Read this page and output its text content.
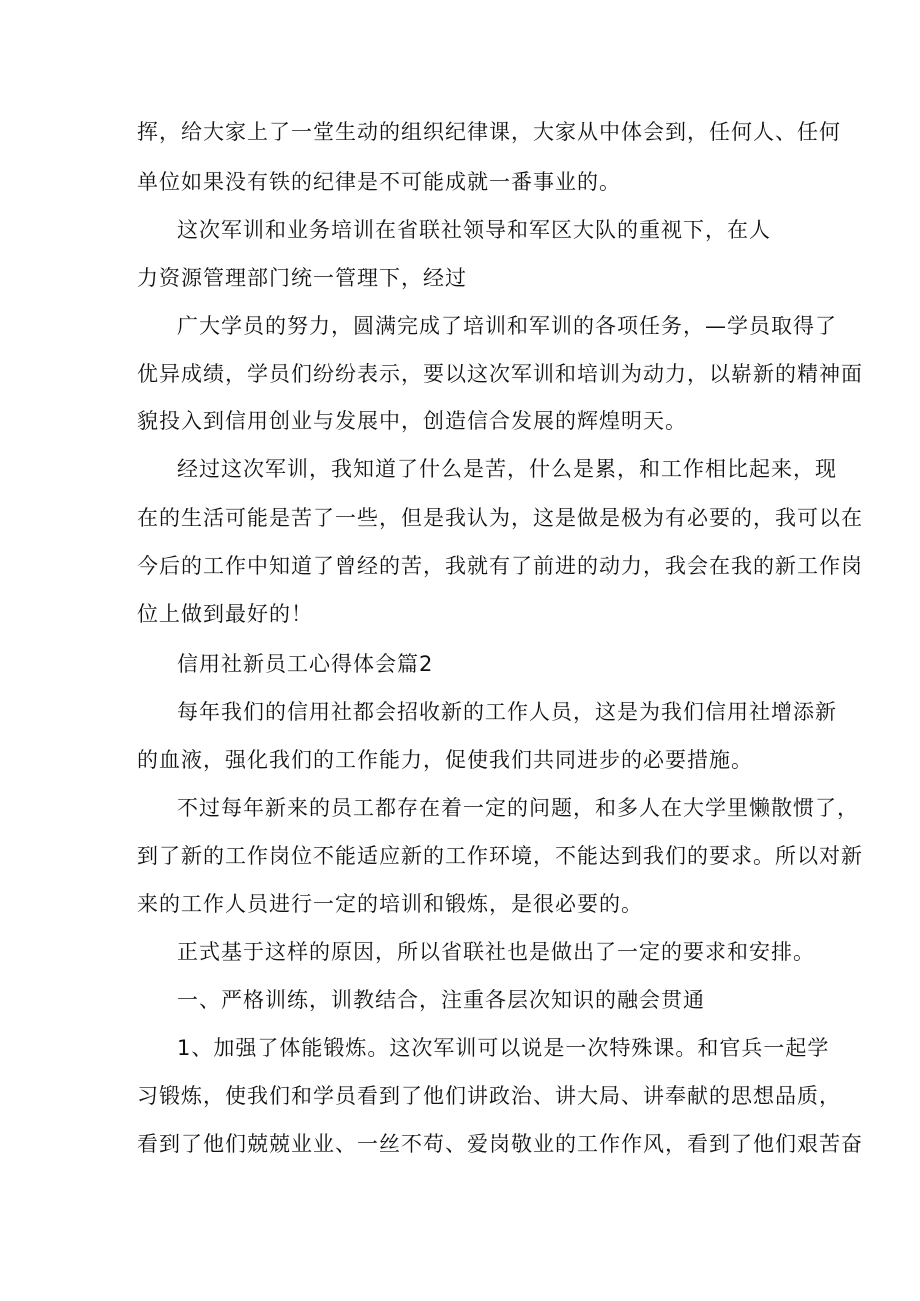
挥，给大家上了一堂生动的组织纪律课，大家从中体会到，任何人、任何
单位如果没有铁的纪律是不可能成就一番事业的。
这次军训和业务培训在省联社领导和军区大队的重视下，在人
力资源管理部门统一管理下，经过
广大学员的努力，圆满完成了培训和军训的各项任务，—学员取得了
优异成绩，学员们纷纷表示，要以这次军训和培训为动力，以崭新的精神面
貌投入到信用创业与发展中，创造信合发展的辉煌明天。
经过这次军训，我知道了什么是苦，什么是累，和工作相比起来，现
在的生活可能是苦了一些，但是我认为，这是做是极为有必要的，我可以在
今后的工作中知道了曾经的苦，我就有了前进的动力，我会在我的新工作岗
位上做到最好的！
信用社新员工心得体会篇2
每年我们的信用社都会招收新的工作人员，这是为我们信用社增添新
的血液，强化我们的工作能力，促使我们共同进步的必要措施。
不过每年新来的员工都存在着一定的问题，和多人在大学里懒散惯了，
到了新的工作岗位不能适应新的工作环境，不能达到我们的要求。所以对新
来的工作人员进行一定的培训和锻炼，是很必要的。
正式基于这样的原因，所以省联社也是做出了一定的要求和安排。
一、严格训练，训教结合，注重各层次知识的融会贯通
1、加强了体能锻炼。这次军训可以说是一次特殊课。和官兵一起学
习锻炼，使我们和学员看到了他们讲政治、讲大局、讲奉献的思想品质，
看到了他们兢兢业业、一丝不苟、爱岗敬业的工作作风，看到了他们艰苦奋
